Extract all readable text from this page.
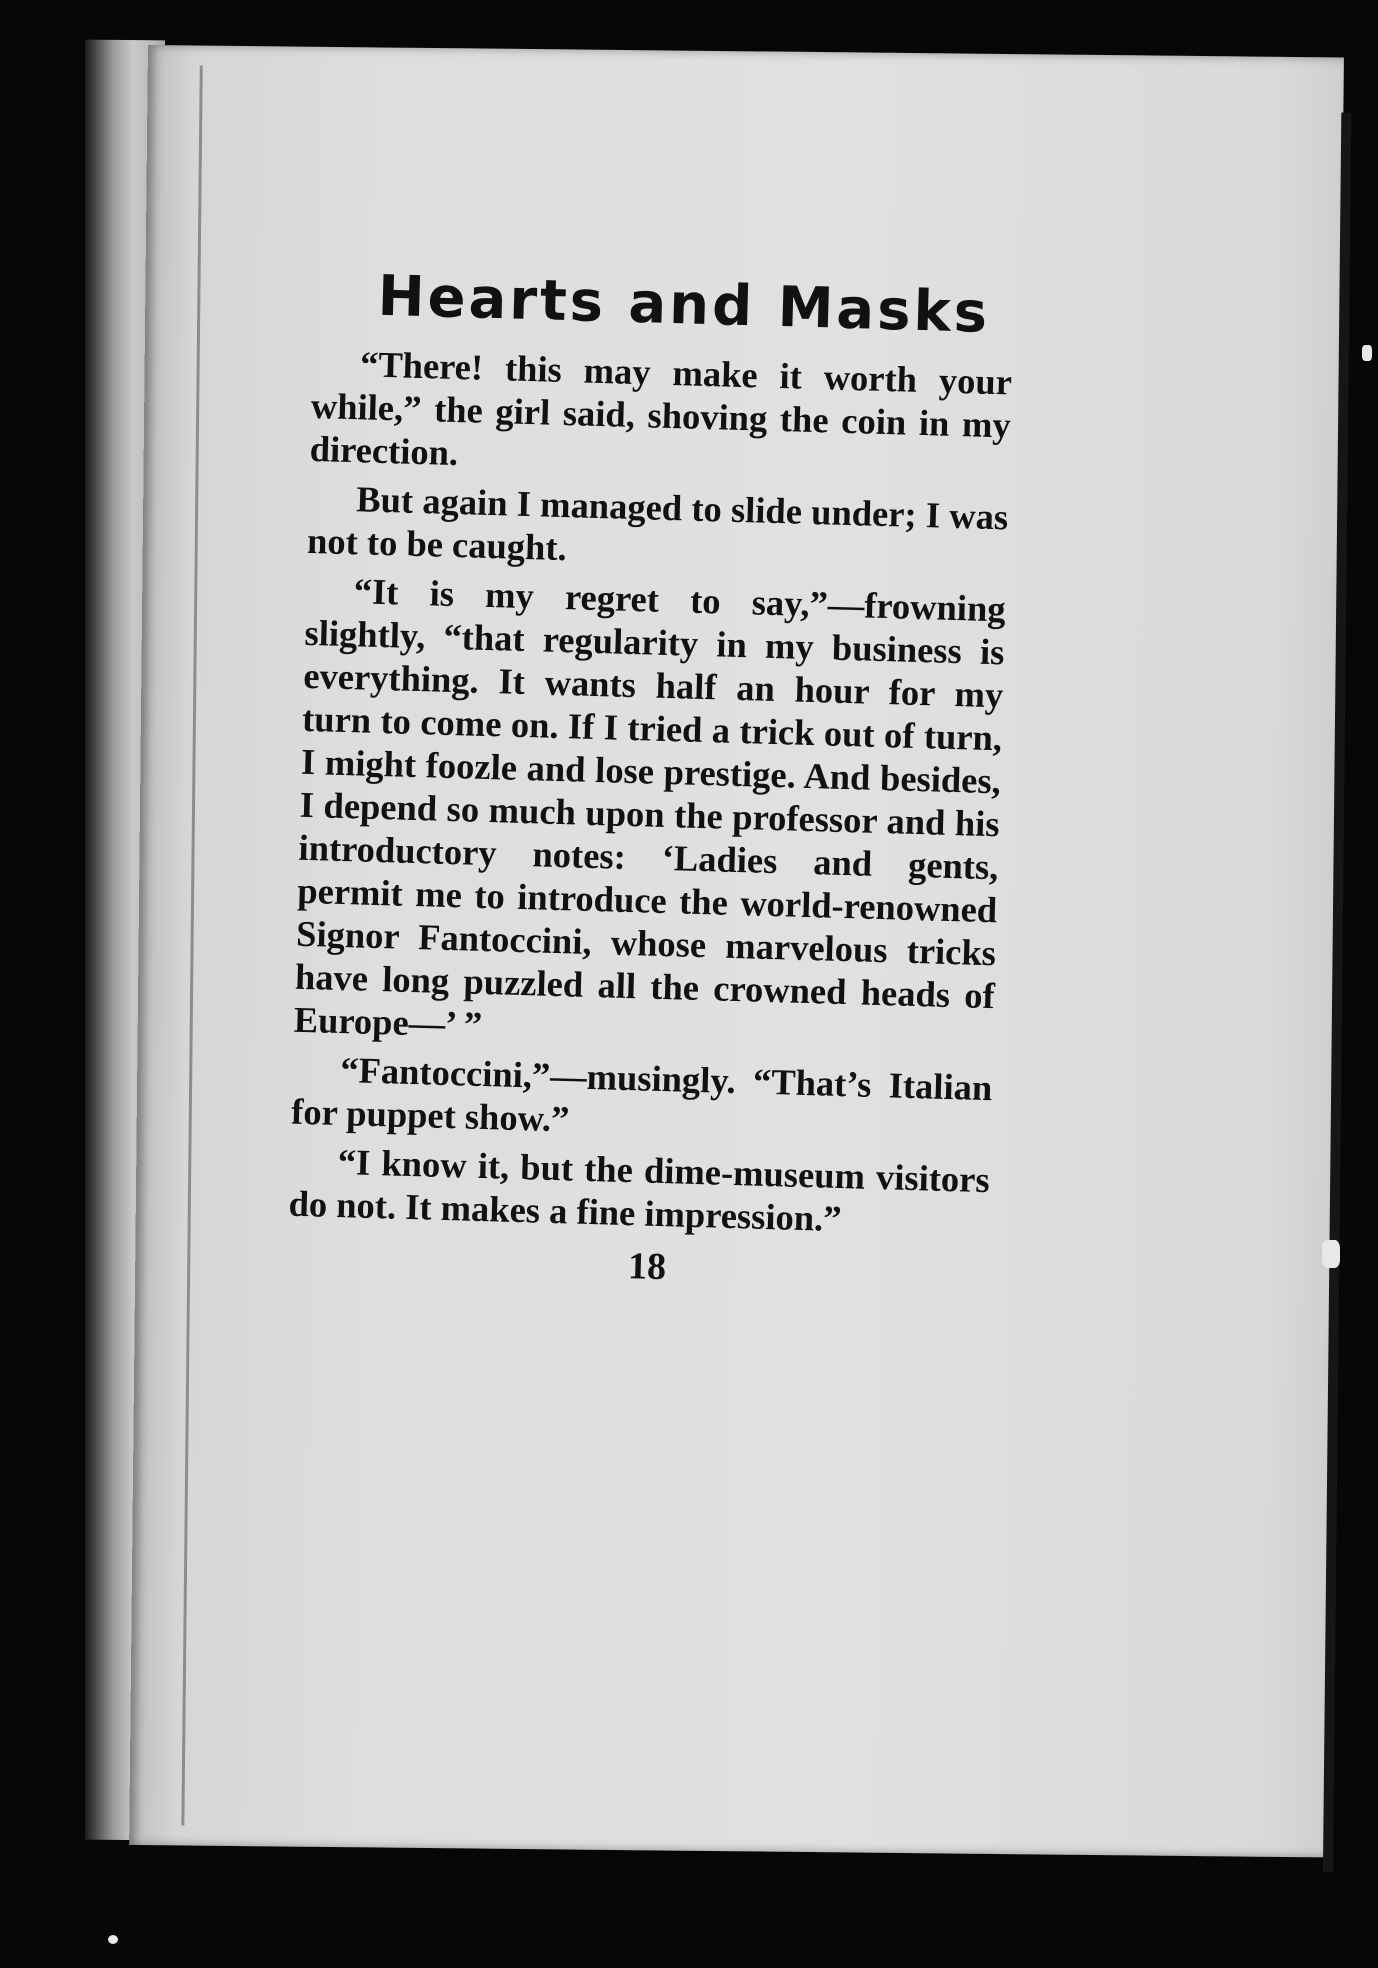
Hearts and Masks

“There! this may make it worth your while,” the girl said, shoving the coin in my direction.

But again I managed to slide under; I was not to be caught.

“It is my regret to say,”—frowning slightly, “that regularity in my business is everything. It wants half an hour for my turn to come on. If I tried a trick out of turn, I might foozle and lose prestige. And besides, I depend so much upon the professor and his introductory notes: ‘Ladies and gents, permit me to introduce the world-renowned Signor Fantoccini, whose marvelous tricks have long puzzled all the crowned heads of Europe—’ ”

“Fantoccini,”—musingly. “That’s Italian for puppet show.”

“I know it, but the dime-museum visitors do not. It makes a fine impression.”

18
